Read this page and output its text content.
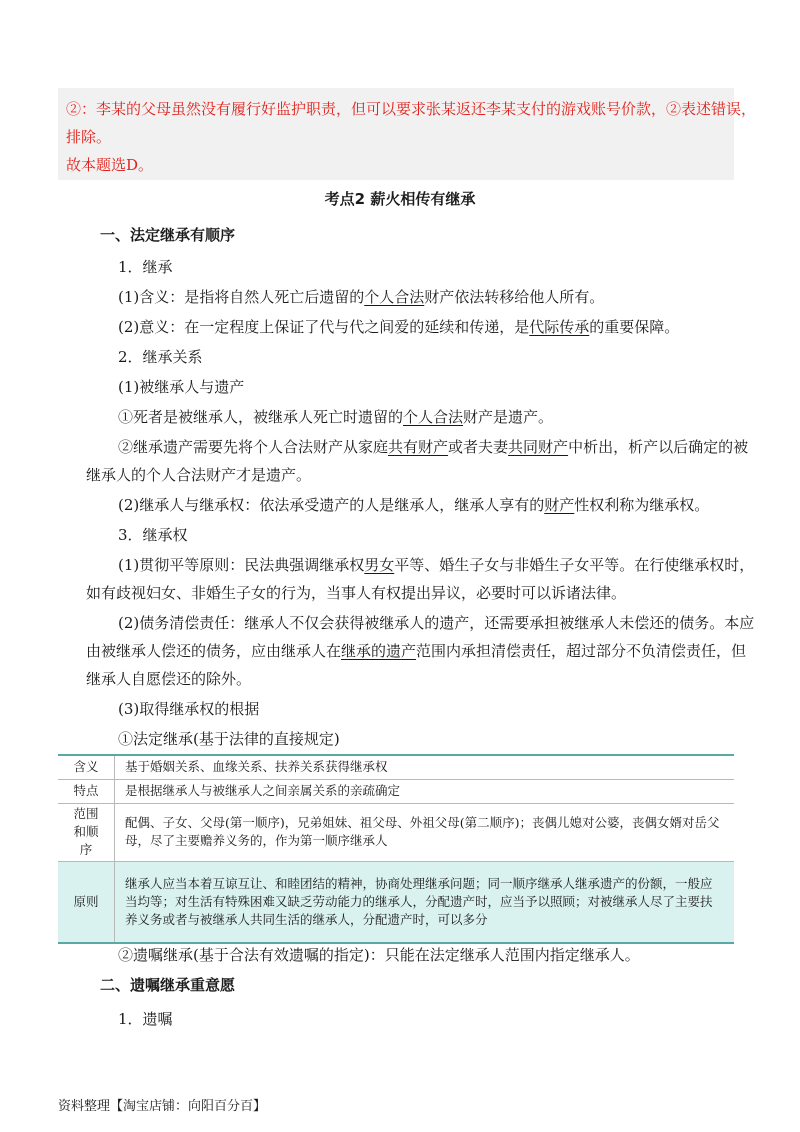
②：李某的父母虽然没有履行好监护职责，但可以要求张某返还李某支付的游戏账号价款，②表述错误，
排除。
故本题选D。
考点2 薪火相传有继承
一、法定继承有顺序
1．继承
(1)含义：是指将自然人死亡后遗留的个人合法财产依法转移给他人所有。
(2)意义：在一定程度上保证了代与代之间爱的延续和传递，是代际传承的重要保障。
2．继承关系
(1)被继承人与遗产
①死者是被继承人，被继承人死亡时遗留的个人合法财产是遗产。
②继承遗产需要先将个人合法财产从家庭共有财产或者夫妻共同财产中析出，析产以后确定的被
继承人的个人合法财产才是遗产。
(2)继承人与继承权：依法承受遗产的人是继承人，继承人享有的财产性权利称为继承权。
3．继承权
(1)贯彻平等原则：民法典强调继承权男女平等、婚生子女与非婚生子女平等。在行使继承权时，
如有歧视妇女、非婚生子女的行为，当事人有权提出异议，必要时可以诉诸法律。
(2)债务清偿责任：继承人不仅会获得被继承人的遗产，还需要承担被继承人未偿还的债务。本应
由被继承人偿还的债务，应由继承人在继承的遗产范围内承担清偿责任，超过部分不负清偿责任，但
继承人自愿偿还的除外。
(3)取得继承权的根据
①法定继承(基于法律的直接规定)
含义	基于婚姻关系、血缘关系、扶养关系获得继承权
特点	是根据继承人与被继承人之间亲属关系的亲疏确定
范围和顺序	配偶、子女、父母(第一顺序)，兄弟姐妹、祖父母、外祖父母(第二顺序)；丧偶儿媳对公婆，丧偶女婿对岳父母，尽了主要赡养义务的，作为第一顺序继承人

原则	继承人应当本着互谅互让、和睦团结的精神，协商处理继承问题；同一顺序继承人继承遗产的份额，一般应当均等；对生活有特殊困难又缺乏劳动能力的继承人，分配遗产时，应当予以照顾；对被继承人尽了主要扶养义务或者与被继承人共同生活的继承人，分配遗产时，可以多分
②遗嘱继承(基于合法有效遗嘱的指定)：只能在法定继承人范围内指定继承人。
二、遗嘱继承重意愿
1．遗嘱
资料整理【淘宝店铺：向阳百分百】
